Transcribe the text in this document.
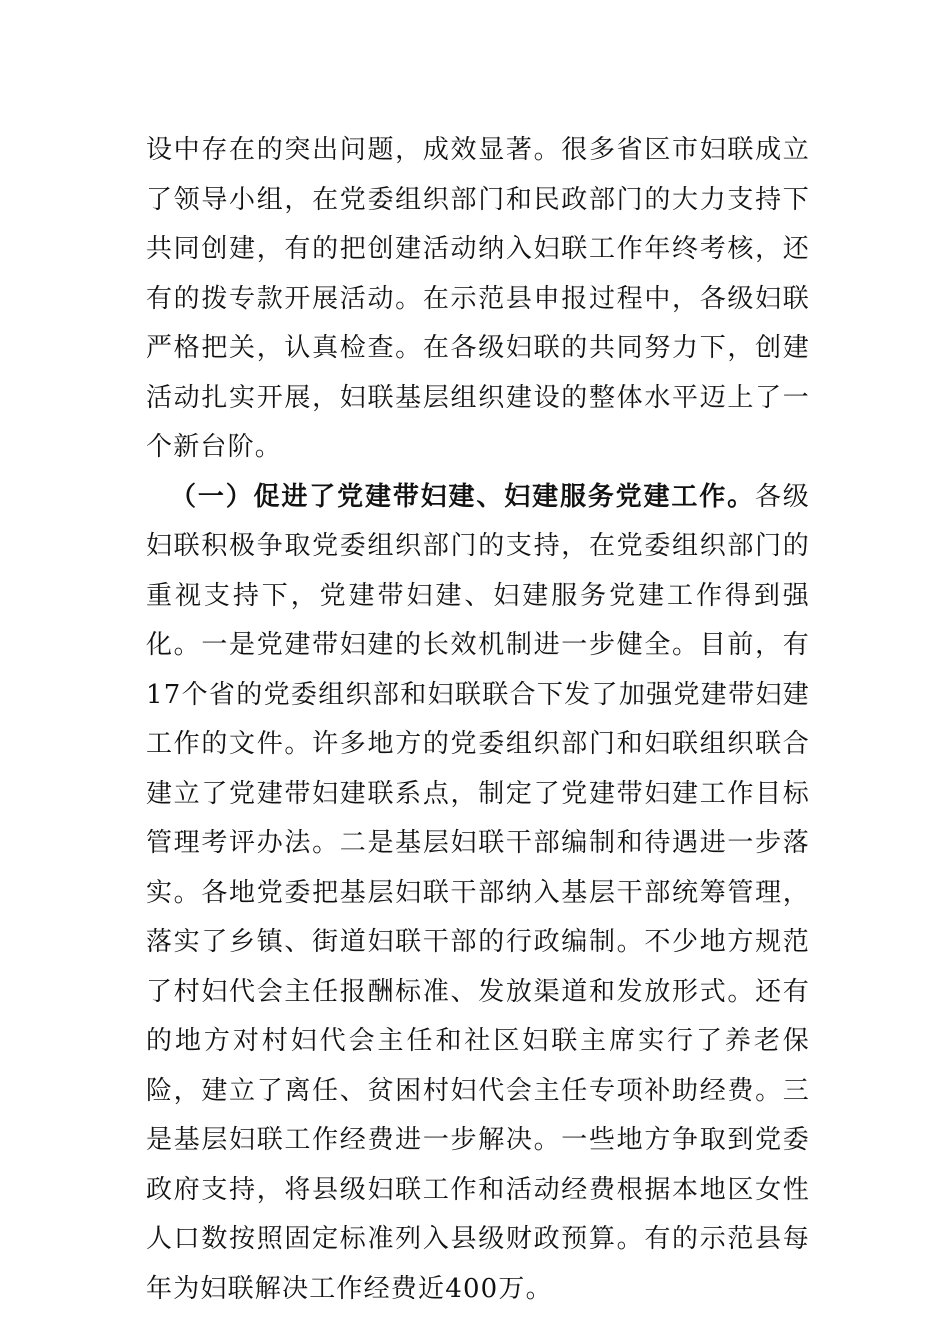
设中存在的突出问题，成效显著。很多省区市妇联成立了领导小组，在党委组织部门和民政部门的大力支持下共同创建，有的把创建活动纳入妇联工作年终考核，还有的拨专款开展活动。在示范县申报过程中，各级妇联严格把关，认真检查。在各级妇联的共同努力下，创建活动扎实开展，妇联基层组织建设的整体水平迈上了一个新台阶。

（一）促进了党建带妇建、妇建服务党建工作。各级妇联积极争取党委组织部门的支持，在党委组织部门的重视支持下，党建带妇建、妇建服务党建工作得到强化。一是党建带妇建的长效机制进一步健全。目前，有17个省的党委组织部和妇联联合下发了加强党建带妇建工作的文件。许多地方的党委组织部门和妇联组织联合建立了党建带妇建联系点，制定了党建带妇建工作目标管理考评办法。二是基层妇联干部编制和待遇进一步落实。各地党委把基层妇联干部纳入基层干部统筹管理，落实了乡镇、街道妇联干部的行政编制。不少地方规范了村妇代会主任报酬标准、发放渠道和发放形式。还有的地方对村妇代会主任和社区妇联主席实行了养老保险，建立了离任、贫困村妇代会主任专项补助经费。三是基层妇联工作经费进一步解决。一些地方争取到党委政府支持，将县级妇联工作和活动经费根据本地区女性人口数按照固定标准列入县级财政预算。有的示范县每年为妇联解决工作经费近400万。
